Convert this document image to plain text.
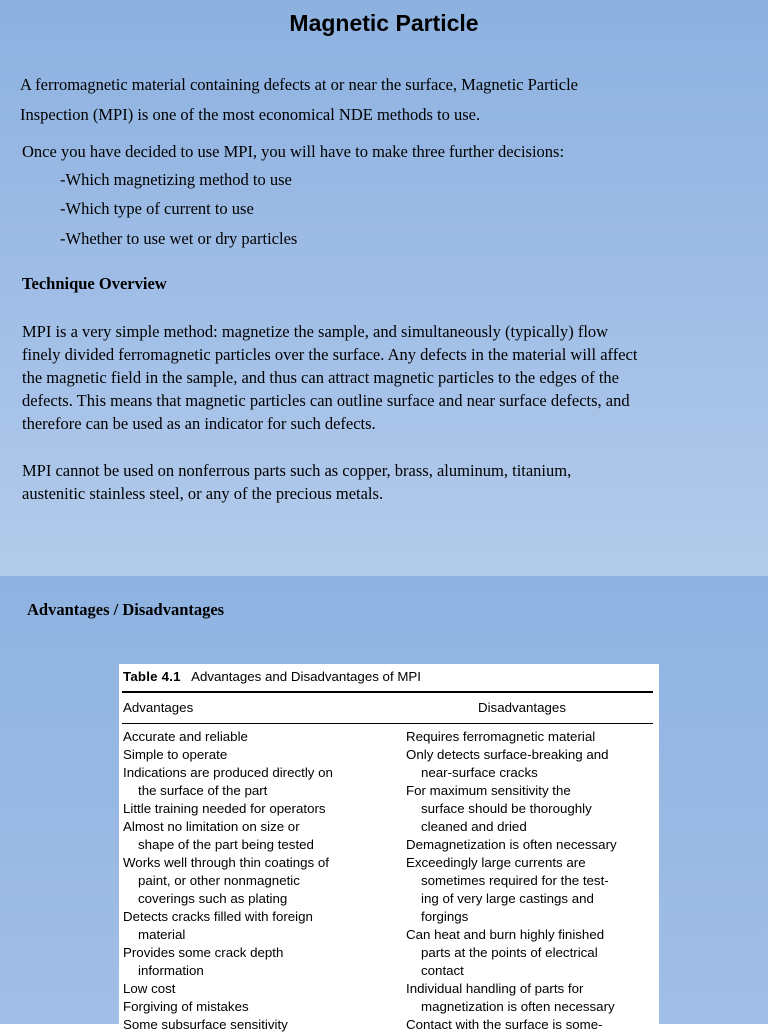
Magnetic Particle
A ferromagnetic material containing defects at or near the surface, Magnetic Particle
Inspection (MPI) is one of the most economical NDE methods to use.
Once you have decided to use MPI, you will have to make three further decisions:
-Which magnetizing method to use
-Which type of current to use
-Whether to use wet or dry particles
Technique Overview
MPI is a very simple method: magnetize the sample, and simultaneously (typically) flow
finely divided ferromagnetic particles over the surface. Any defects in the material will affect
the magnetic field in the sample, and thus can attract magnetic particles to the edges of the
defects. This means that magnetic particles can outline surface and near surface defects, and
therefore can be used as an indicator for such defects.
MPI cannot be used on nonferrous parts such as copper, brass, aluminum, titanium,
austenitic stainless steel, or any of the precious metals.
Advantages / Disadvantages
Table 4.1 Advantages and Disadvantages of MPI
Advantages	Disadvantages
Accurate and reliable
Simple to operate
Indications are produced directly on
the surface of the part
Little training needed for operators
Almost no limitation on size or
shape of the part being tested
Works well through thin coatings of
paint, or other nonmagnetic
coverings such as plating
Detects cracks filled with foreign
material
Provides some crack depth
information
Low cost
Forgiving of mistakes
Some subsurface sensitivity
Requires ferromagnetic material
Only detects surface-breaking and
near-surface cracks
For maximum sensitivity the
surface should be thoroughly
cleaned and dried
Demagnetization is often necessary
Exceedingly large currents are
sometimes required for the test-
ing of very large castings and
forgings
Can heat and burn highly finished
parts at the points of electrical
contact
Individual handling of parts for
magnetization is often necessary
Contact with the surface is some-
